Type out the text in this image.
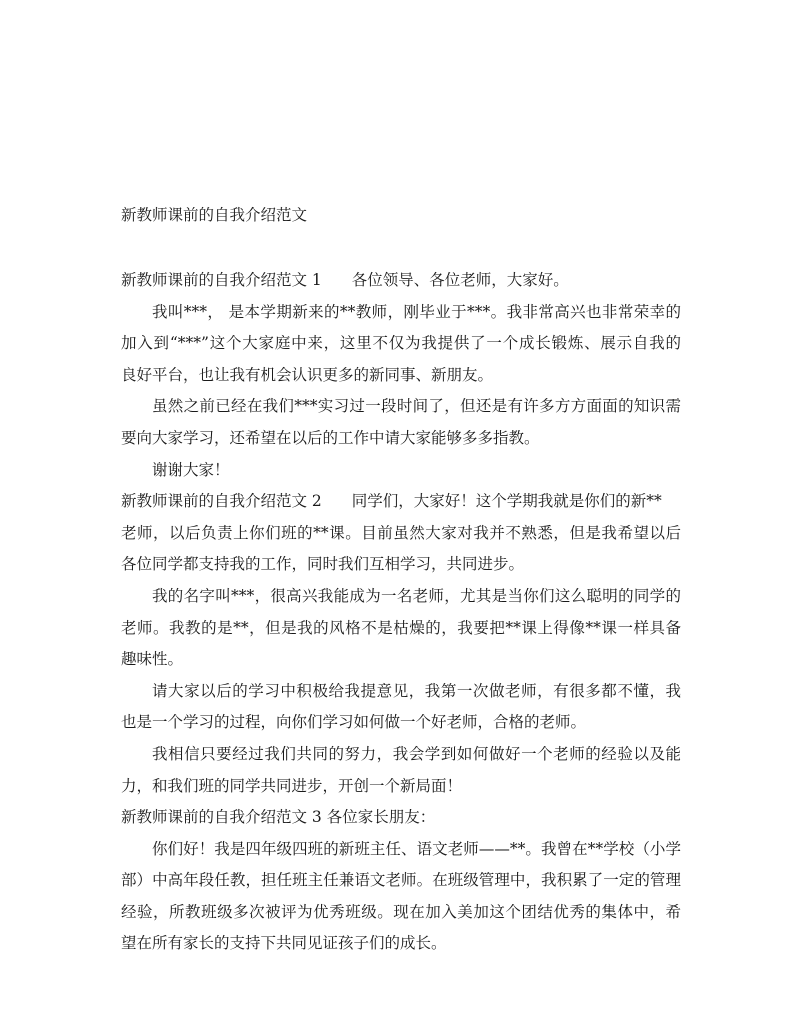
新教师课前的自我介绍范文
新教师课前的自我介绍范文 1 各位领导、各位老师，大家好。
我叫***， 是本学期新来的**教师，刚毕业于***。我非常高兴也非常荣幸的
加入到“***”这个大家庭中来，这里不仅为我提供了一个成长锻炼、展示自我的
良好平台，也让我有机会认识更多的新同事、新朋友。
虽然之前已经在我们***实习过一段时间了，但还是有许多方方面面的知识需
要向大家学习，还希望在以后的工作中请大家能够多多指教。
谢谢大家！
新教师课前的自我介绍范文 2 同学们，大家好！这个学期我就是你们的新**
老师，以后负责上你们班的**课。目前虽然大家对我并不熟悉，但是我希望以后
各位同学都支持我的工作，同时我们互相学习，共同进步。
我的名字叫***，很高兴我能成为一名老师，尤其是当你们这么聪明的同学的
老师。我教的是**，但是我的风格不是枯燥的，我要把**课上得像**课一样具备
趣味性。
请大家以后的学习中积极给我提意见，我第一次做老师，有很多都不懂，我
也是一个学习的过程，向你们学习如何做一个好老师，合格的老师。
我相信只要经过我们共同的努力，我会学到如何做好一个老师的经验以及能
力，和我们班的同学共同进步，开创一个新局面！
新教师课前的自我介绍范文 3 各位家长朋友：
你们好！我是四年级四班的新班主任、语文老师——**。我曾在**学校（小学
部）中高年段任教，担任班主任兼语文老师。在班级管理中，我积累了一定的管理
经验，所教班级多次被评为优秀班级。现在加入美加这个团结优秀的集体中，希
望在所有家长的支持下共同见证孩子们的成长。
